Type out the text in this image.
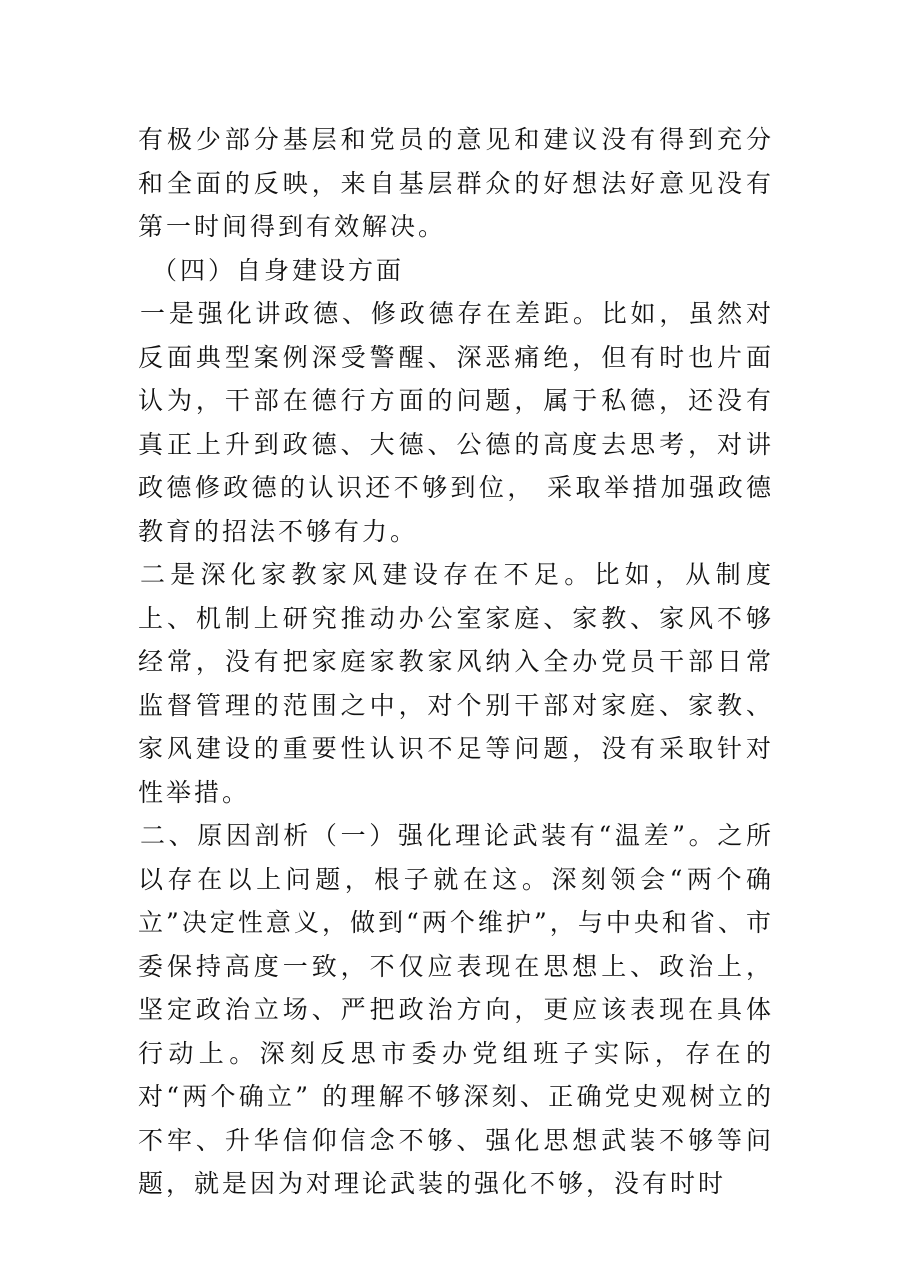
有极少部分基层和党员的意见和建议没有得到充分和全面的反映，来自基层群众的好想法好意见没有第一时间得到有效解决。

（四）自身建设方面

一是强化讲政德、修政德存在差距。比如，虽然对反面典型案例深受警醒、深恶痛绝，但有时也片面认为，干部在德行方面的问题，属于私德，还没有真正上升到政德、大德、公德的高度去思考，对讲政德修政德的认识还不够到位， 采取举措加强政德教育的招法不够有力。

二是深化家教家风建设存在不足。比如，从制度上、机制上研究推动办公室家庭、家教、家风不够经常，没有把家庭家教家风纳入全办党员干部日常监督管理的范围之中，对个别干部对家庭、家教、家风建设的重要性认识不足等问题，没有采取针对性举措。

二、原因剖析（一）强化理论武装有“温差”。之所以存在以上问题，根子就在这。深刻领会“两个确立”决定性意义，做到“两个维护”，与中央和省、市委保持高度一致，不仅应表现在思想上、政治上，坚定政治立场、严把政治方向，更应该表现在具体行动上。深刻反思市委办党组班子实际，存在的对“两个确立” 的理解不够深刻、正确党史观树立的不牢、升华信仰信念不够、强化思想武装不够等问题，就是因为对理论武装的强化不够，没有时时
